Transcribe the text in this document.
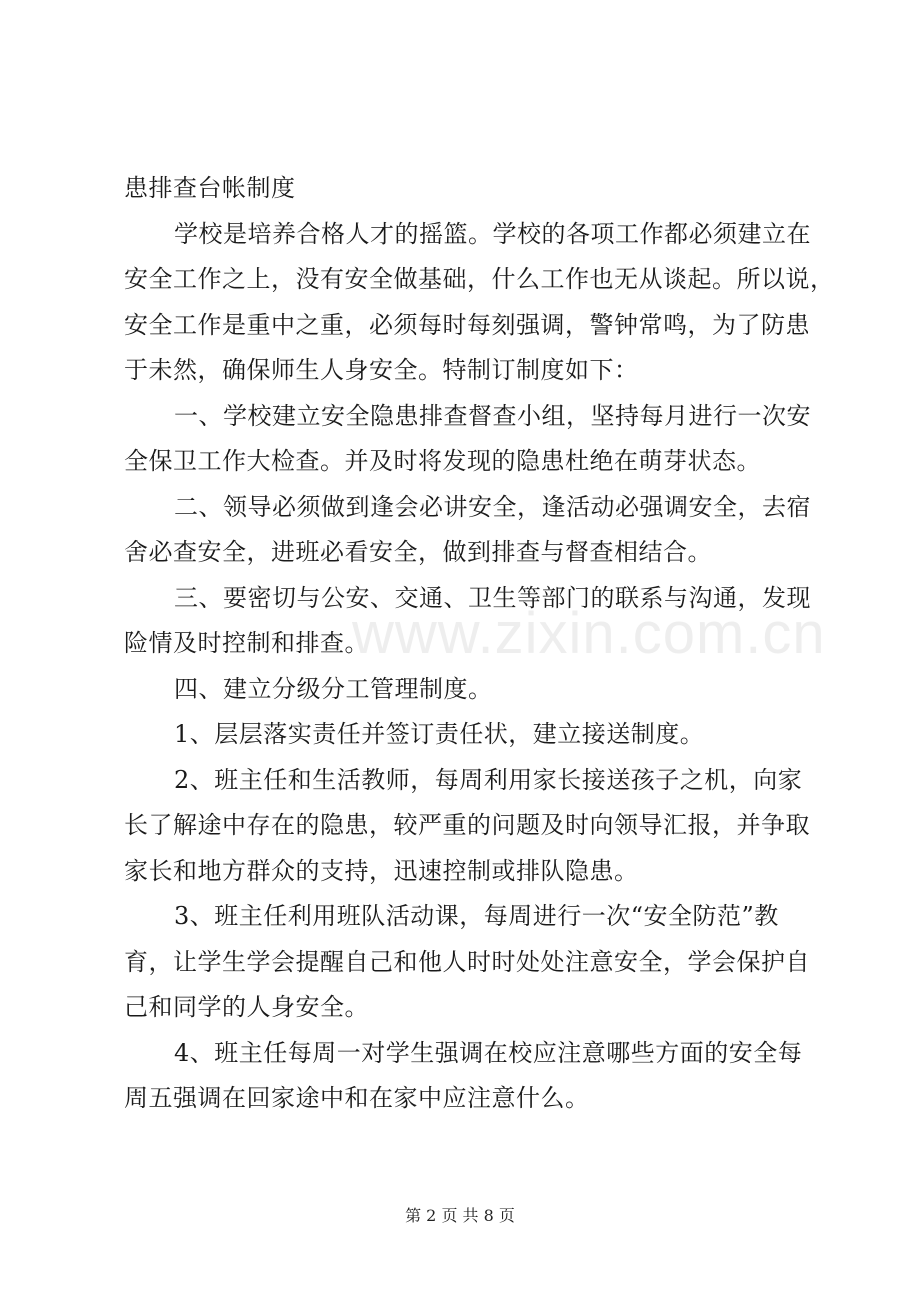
患排查台帐制度
学校是培养合格人才的摇篮。学校的各项工作都必须建立在
安全工作之上，没有安全做基础，什么工作也无从谈起。所以说，
安全工作是重中之重，必须每时每刻强调，警钟常鸣，为了防患
于未然，确保师生人身安全。特制订制度如下：
一、学校建立安全隐患排查督查小组，坚持每月进行一次安
全保卫工作大检查。并及时将发现的隐患杜绝在萌芽状态。
二、领导必须做到逢会必讲安全，逢活动必强调安全，去宿
舍必查安全，进班必看安全，做到排查与督查相结合。
三、要密切与公安、交通、卫生等部门的联系与沟通，发现
险情及时控制和排查。
四、建立分级分工管理制度。
1、层层落实责任并签订责任状，建立接送制度。
2、班主任和生活教师，每周利用家长接送孩子之机，向家
长了解途中存在的隐患，较严重的问题及时向领导汇报，并争取
家长和地方群众的支持，迅速控制或排队隐患。
3、班主任利用班队活动课，每周进行一次“安全防范”教
育，让学生学会提醒自己和他人时时处处注意安全，学会保护自
己和同学的人身安全。
4、班主任每周一对学生强调在校应注意哪些方面的安全每
周五强调在回家途中和在家中应注意什么。
www.zixin.com.cn
第 2 页 共 8 页
